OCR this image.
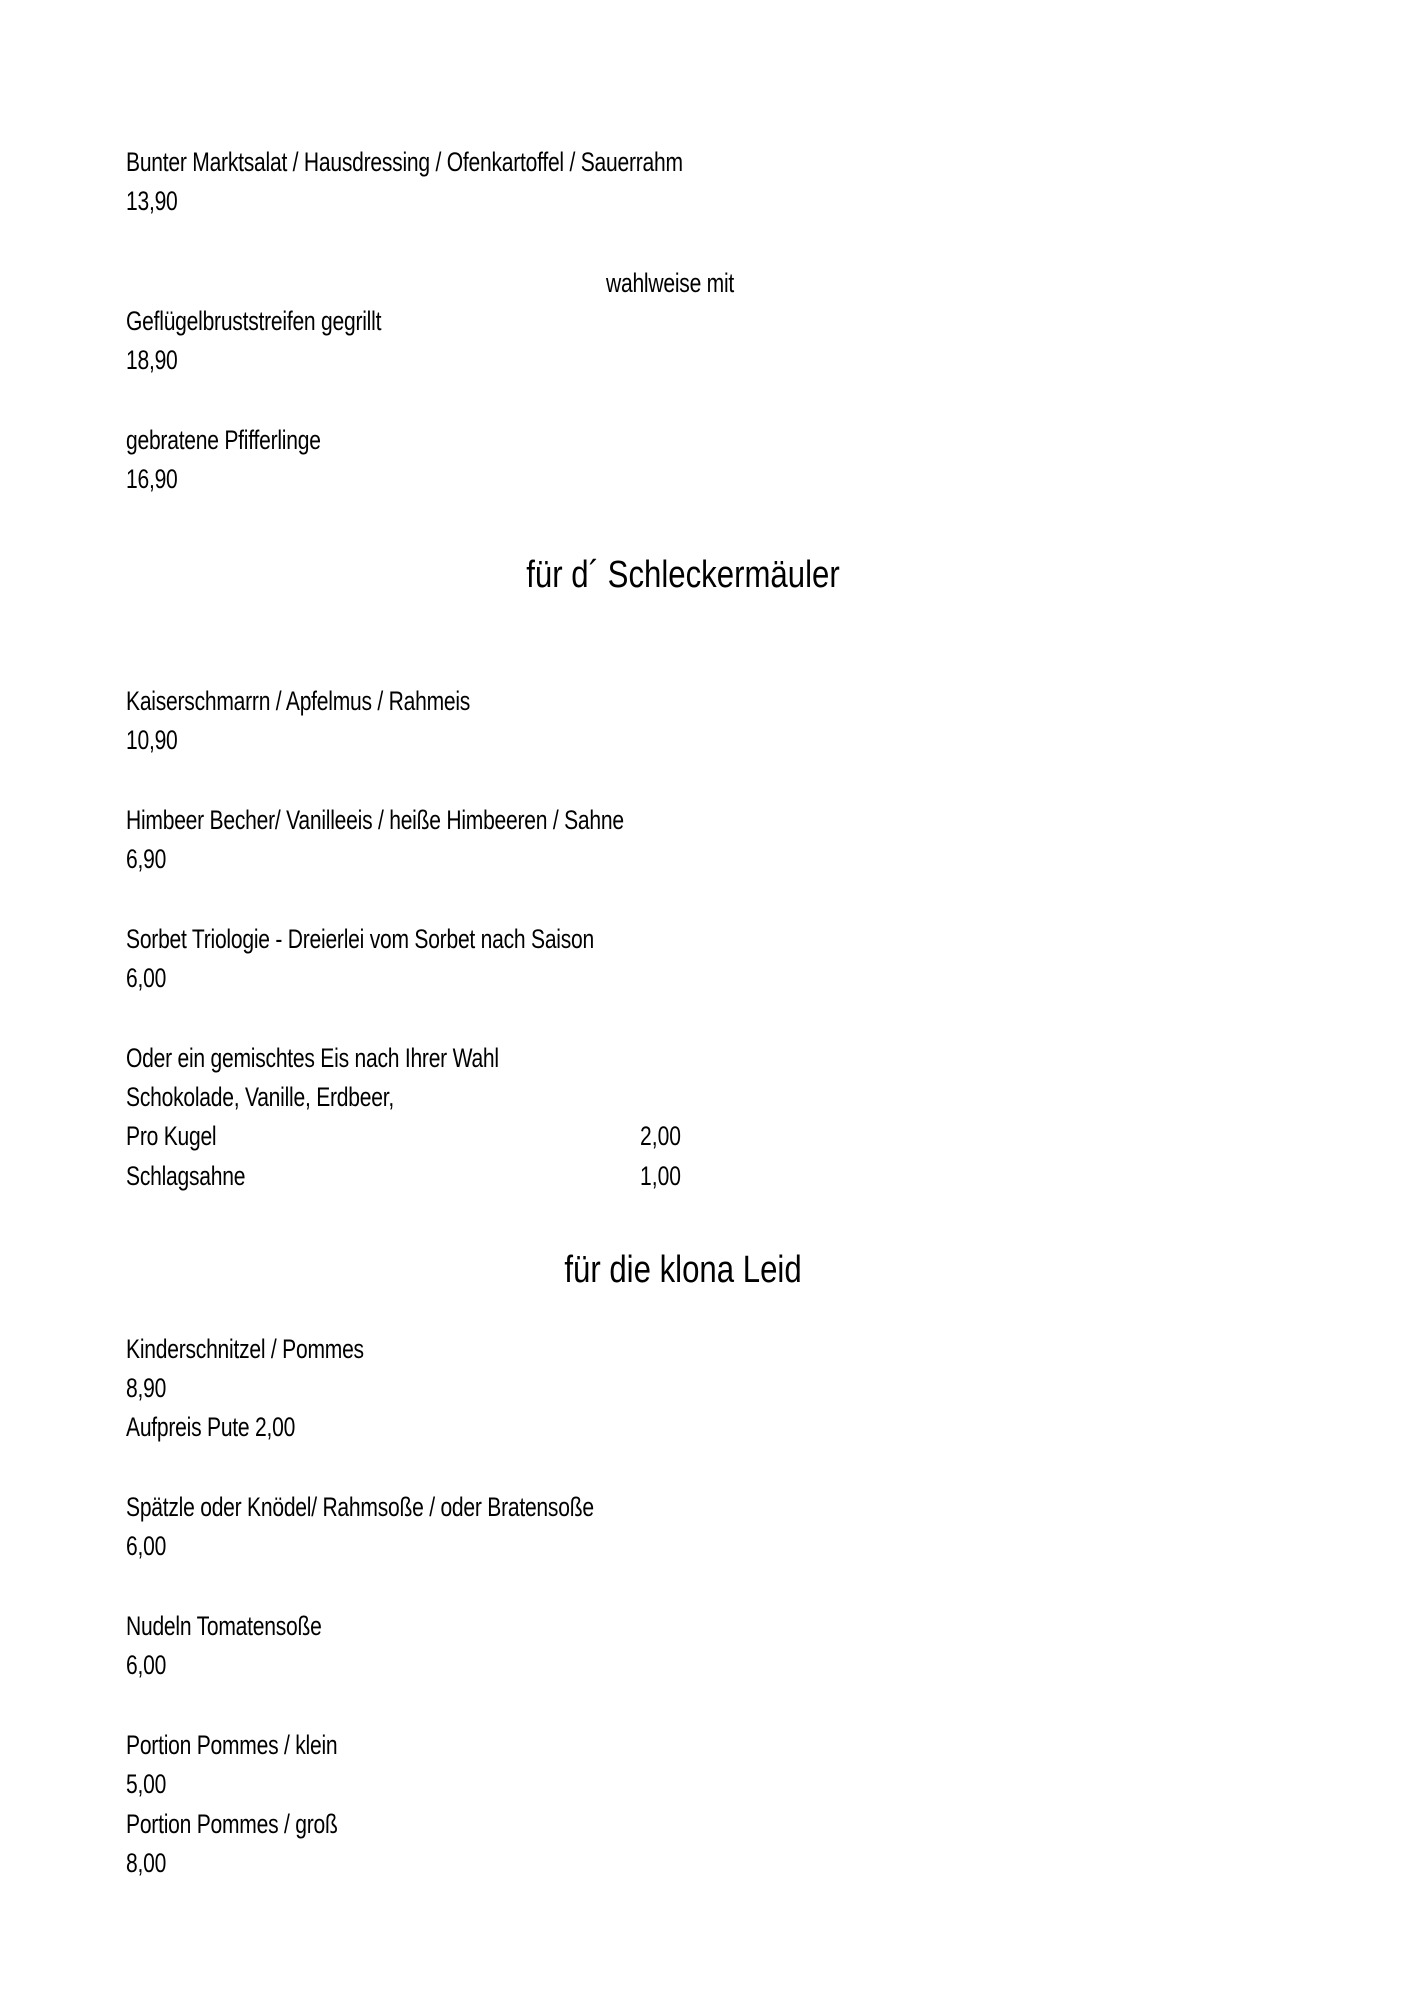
Bunter Marktsalat / Hausdressing / Ofenkartoffel / Sauerrahm
13,90
wahlweise mit
Geflügelbruststreifen gegrillt
18,90
gebratene Pfifferlinge
16,90
für d´ Schleckermäuler
Kaiserschmarrn / Apfelmus / Rahmeis
10,90
Himbeer Becher/ Vanilleeis / heiße Himbeeren / Sahne
6,90
Sorbet Triologie - Dreierlei vom Sorbet nach Saison
6,00
Oder ein gemischtes Eis nach Ihrer Wahl
Schokolade, Vanille, Erdbeer,
Pro Kugel	2,00
Schlagsahne	1,00
für die klona Leid
Kinderschnitzel / Pommes
8,90
Aufpreis Pute 2,00
Spätzle oder Knödel/ Rahmsoße / oder Bratensoße
6,00
Nudeln Tomatensoße
6,00
Portion Pommes / klein
5,00
Portion Pommes / groß
8,00
